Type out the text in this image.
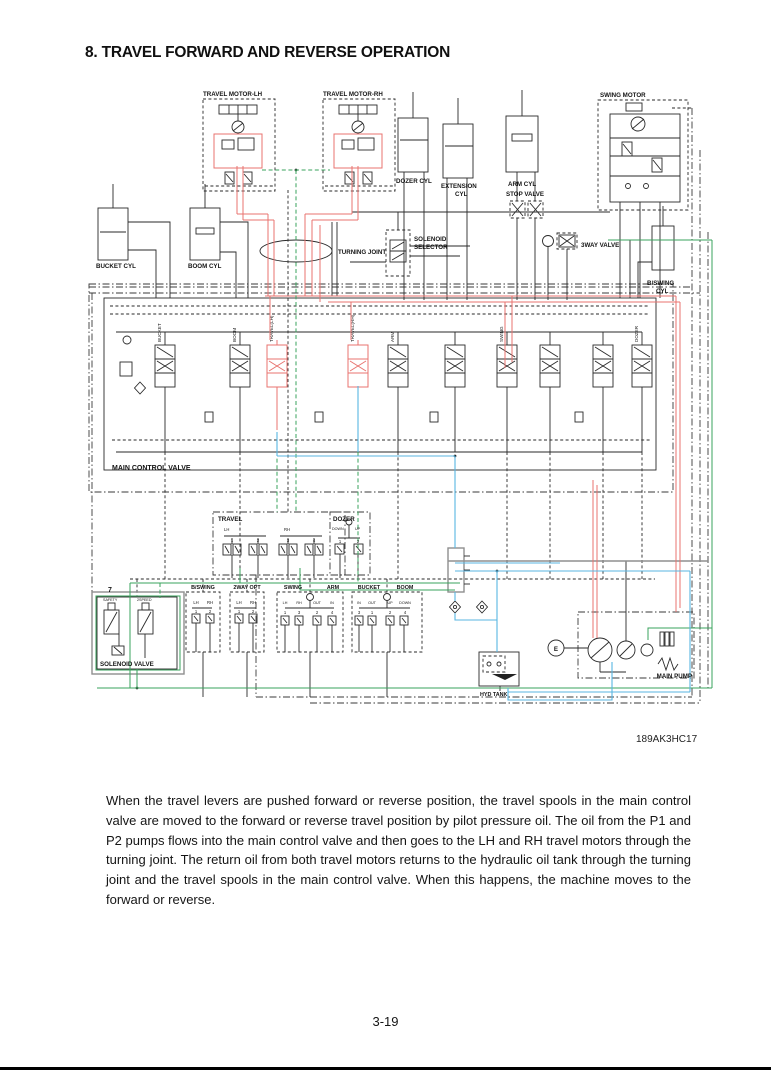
8. TRAVEL FORWARD AND REVERSE OPERATION
BUCKET	BOOM	TRAVEL(LH)	TRAVEL(RH)	ARM	SWING	DOZER
TRAVEL MOTOR-LH	TRAVEL MOTOR-RH	SWING MOTOR
DOZER CYL
EXTENSION
CYL
ARM CYL
STOP VALVE
3WAY VALVE
BUCKET CYL	BOOM CYL
TURNING JOINT
SOLENOID
SELECTOR
B/SWING
CYL
MAIN CONTROL VALVE
TRAVEL	DOZER
7
SAFETY	2SPEED
SOLENOID VALVE
B/SWING	2WAY OPT	SWING	ARM	BUCKET	BOOM
HYD TANK
MAIN PUMP
E
LH	RH
1	2	3	4
DOWN	UP
1	2
LH RH
1	2
LH RH
1	2
LH RH	OUT	IN
1	3	2	4
IN OUT	UP DOWN
3	1	2	4
189AK3HC17
When the travel levers are pushed forward or reverse position, the travel spools in the main control valve are moved to the forward or reverse travel position by pilot pressure oil. The oil from the P1 and P2 pumps flows into the main control valve and then goes to the LH and RH travel motors through the turning joint. The return oil from both travel motors returns to the hydraulic oil tank through the turning joint and the travel spools in the main control valve. When this happens, the machine moves to the forward or reverse.
3-19
